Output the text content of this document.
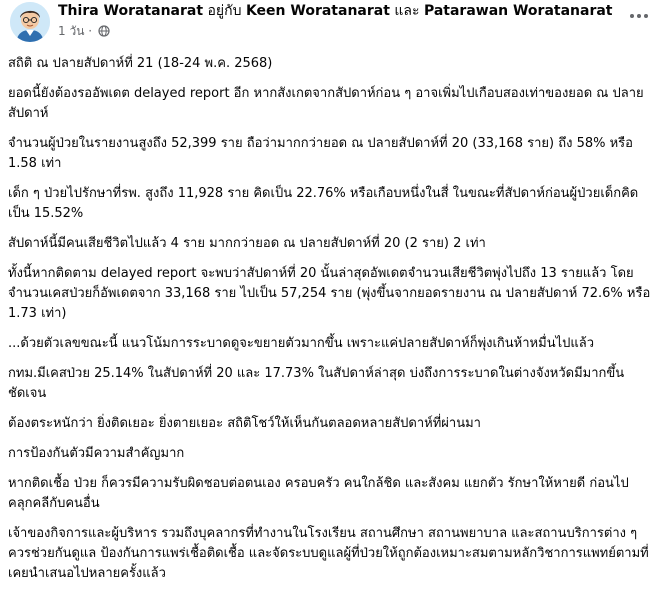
Thira Woratanarat อยู่กับ Keen Woratanarat และ Patarawan Woratanarat
1 วัน ·

สถิติ ณ ปลายสัปดาห์ที่ 21 (18-24 พ.ค. 2568)

ยอดนี้ยังต้องรออัพเดต delayed report อีก หากสังเกตจากสัปดาห์ก่อน ๆ อาจเพิ่มไปเกือบสองเท่าของยอด ณ ปลายสัปดาห์

จำนวนผู้ป่วยในรายงานสูงถึง 52,399 ราย ถือว่ามากกว่ายอด ณ ปลายสัปดาห์ที่ 20 (33,168 ราย) ถึง 58% หรือ 1.58 เท่า

เด็ก ๆ ป่วยไปรักษาที่รพ. สูงถึง 11,928 ราย คิดเป็น 22.76% หรือเกือบหนึ่งในสี่ ในขณะที่สัปดาห์ก่อนผู้ป่วยเด็กคิดเป็น 15.52%

สัปดาห์นี้มีคนเสียชีวิตไปแล้ว 4 ราย มากกว่ายอด ณ ปลายสัปดาห์ที่ 20 (2 ราย) 2 เท่า

ทั้งนี้หากติดตาม delayed report จะพบว่าสัปดาห์ที่ 20 นั้นล่าสุดอัพเดตจำนวนเสียชีวิตพุ่งไปถึง 13 รายแล้ว โดยจำนวนเคสป่วยก็อัพเดตจาก 33,168 ราย ไปเป็น 57,254 ราย (พุ่งขึ้นจากยอดรายงาน ณ ปลายสัปดาห์ 72.6% หรือ 1.73 เท่า)

...ด้วยตัวเลขขณะนี้ แนวโน้มการระบาดดูจะขยายตัวมากขึ้น เพราะแค่ปลายสัปดาห์ก็พุ่งเกินห้าหมื่นไปแล้ว

กทม.มีเคสป่วย 25.14% ในสัปดาห์ที่ 20 และ 17.73% ในสัปดาห์ล่าสุด บ่งถึงการระบาดในต่างจังหวัดมีมากขึ้นชัดเจน

ต้องตระหนักว่า ยิ่งติดเยอะ ยิ่งตายเยอะ สถิติโชว์ให้เห็นกันตลอดหลายสัปดาห์ที่ผ่านมา

การป้องกันตัวมีความสำคัญมาก

หากติดเชื้อ ป่วย ก็ควรมีความรับผิดชอบต่อตนเอง ครอบครัว คนใกล้ชิด และสังคม แยกตัว รักษาให้หายดี ก่อนไปคลุกคลีกับคนอื่น

เจ้าของกิจการและผู้บริหาร รวมถึงบุคลากรที่ทำงานในโรงเรียน สถานศึกษา สถานพยาบาล และสถานบริการต่าง ๆ ควรช่วยกันดูแล ป้องกันการแพร่เชื้อติดเชื้อ และจัดระบบดูแลผู้ที่ป่วยให้ถูกต้องเหมาะสมตามหลักวิชาการแพทย์ตามที่เคยนำเสนอไปหลายครั้งแล้ว
